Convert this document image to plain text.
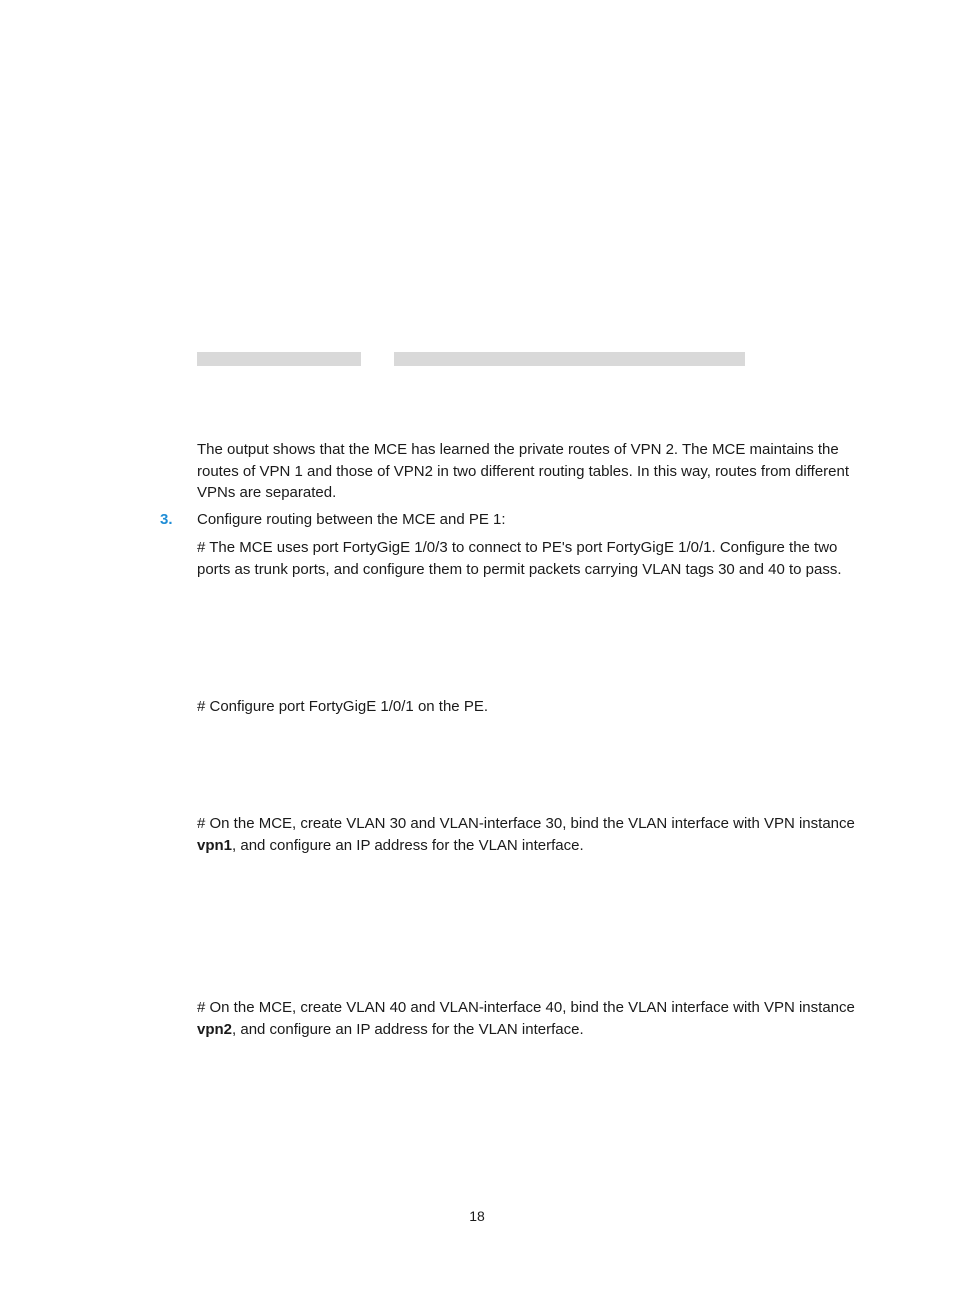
The output shows that the MCE has learned the private routes of VPN 2. The MCE maintains the routes of VPN 1 and those of VPN2 in two different routing tables. In this way, routes from different VPNs are separated.

3. Configure routing between the MCE and PE 1:

# The MCE uses port FortyGigE 1/0/3 to connect to PE's port FortyGigE 1/0/1. Configure the two ports as trunk ports, and configure them to permit packets carrying VLAN tags 30 and 40 to pass.

# Configure port FortyGigE 1/0/1 on the PE.

# On the MCE, create VLAN 30 and VLAN-interface 30, bind the VLAN interface with VPN instance vpn1, and configure an IP address for the VLAN interface.

# On the MCE, create VLAN 40 and VLAN-interface 40, bind the VLAN interface with VPN instance vpn2, and configure an IP address for the VLAN interface.

18
